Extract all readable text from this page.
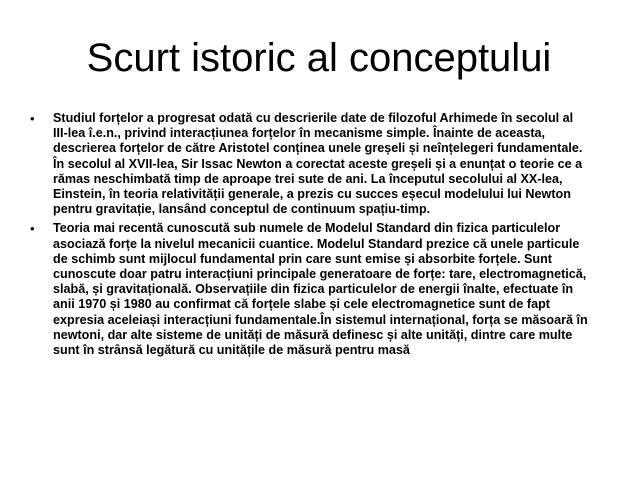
Scurt istoric al conceptului
• Studiul forțelor a progresat odată cu descrierile date de filozoful Arhimede în secolul al III-lea î.e.n., privind interacțiunea forțelor în mecanisme simple. Înainte de aceasta, descrierea forțelor de către Aristotel conținea unele greșeli și neînțelegeri fundamentale. În secolul al XVII-lea, Sir Issac Newton a corectat aceste greșeli și a enunțat o teorie ce a rămas neschimbată timp de aproape trei sute de ani. La începutul secolului al XX-lea, Einstein, în teoria relativității generale, a prezis cu succes eșecul modelului lui Newton pentru gravitație, lansând conceptul de continuum spațiu-timp.
• Teoria mai recentă cunoscută sub numele de Modelul Standard din fizica particulelor asociază forțe la nivelul mecanicii cuantice. Modelul Standard prezice că unele particule de schimb sunt mijlocul fundamental prin care sunt emise și absorbite forțele. Sunt cunoscute doar patru interacțiuni principale generatoare de forțe: tare, electromagnetică, slabă, și gravitațională. Observațiile din fizica particulelor de energii înalte, efectuate în anii 1970 și 1980 au confirmat că forțele slabe și cele electromagnetice sunt de fapt expresia aceleiași interacțiuni fundamentale.În sistemul internațional, forța se măsoară în newtoni, dar alte sisteme de unități de măsură definesc și alte unități, dintre care multe sunt în strânsă legătură cu unitățile de măsură pentru masă
